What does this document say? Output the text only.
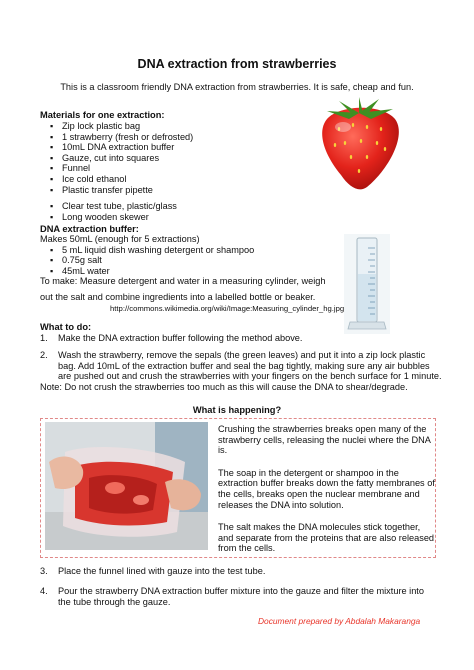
DNA extraction from strawberries
This is a classroom friendly DNA extraction from strawberries. It is safe, cheap and fun.
Materials for one extraction:
▪ Zip lock plastic bag
▪ 1 strawberry (fresh or defrosted)
▪ 10mL DNA extraction buffer
▪ Gauze, cut into squares
▪ Funnel
▪ Ice cold ethanol
▪ Plastic transfer pipette
▪ Clear test tube, plastic/glass
▪ Long wooden skewer
DNA extraction buffer:
Makes 50mL (enough for 5 extractions)
▪ 5 mL liquid dish washing detergent or shampoo
▪ 0.75g salt
▪ 45mL water
To make: Measure detergent and water in a measuring cylinder, weigh
out the salt and combine ingredients into a labelled bottle or beaker.
http://commons.wikimedia.org/wiki/Image:Measuring_cylinder_hg.jpg
What to do:
1. Make the DNA extraction buffer following the method above.
2. Wash the strawberry, remove the sepals (the green leaves) and put it into a zip lock plastic
bag. Add 10mL of the extraction buffer and seal the bag tightly, making sure any air bubbles
are pushed out and crush the strawberries with your fingers on the bench surface for 1 minute.
Note: Do not crush the strawberries too much as this will cause the DNA to shear/degrade.
What is happening?
Crushing the strawberries breaks open many of the
strawberry cells, releasing the nuclei where the DNA
is.
The soap in the detergent or shampoo in the
extraction buffer breaks down the fatty membranes of
the cells, breaks open the nuclear membrane and
releases the DNA into solution.
The salt makes the DNA molecules stick together,
and separate from the proteins that are also released
from the cells.
3. Place the funnel lined with gauze into the test tube.
4. Pour the strawberry DNA extraction buffer mixture into the gauze and filter the mixture into
the tube through the gauze.
Document prepared by Abdalah Makaranga
